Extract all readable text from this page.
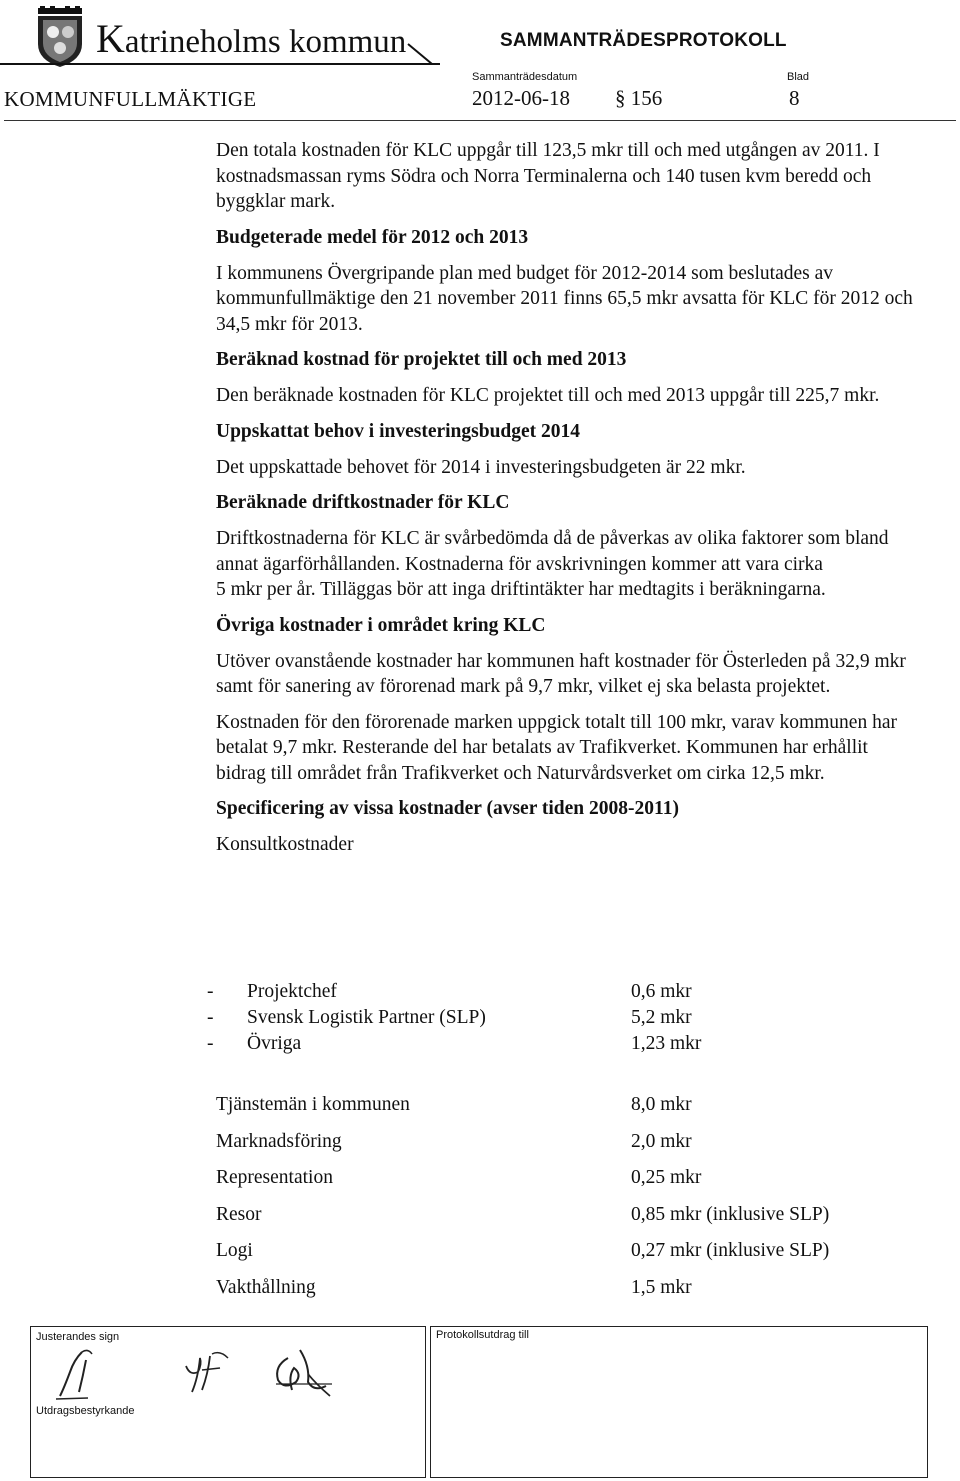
Katrineholms kommun	SAMMANTRÄDESPROTOKOLL
KOMMUNFULLMÄKTIGE
Sammanträdesdatum
2012-06-18 § 156
Blad
8

Den totala kostnaden för KLC uppgår till 123,5 mkr till och med utgången av 2011. I kostnadsmassan ryms Södra och Norra Terminalerna och 140 tusen kvm beredd och byggklar mark.

Budgeterade medel för 2012 och 2013

I kommunens Övergripande plan med budget för 2012-2014 som beslutades av kommunfullmäktige den 21 november 2011 finns 65,5 mkr avsatta för KLC för 2012 och 34,5 mkr för 2013.

Beräknad kostnad för projektet till och med 2013

Den beräknade kostnaden för KLC projektet till och med 2013 uppgår till 225,7 mkr.

Uppskattat behov i investeringsbudget 2014

Det uppskattade behovet för 2014 i investeringsbudgeten är 22 mkr.

Beräknade driftkostnader för KLC

Driftkostnaderna för KLC är svårbedömda då de påverkas av olika faktorer som bland annat ägarförhållanden. Kostnaderna för avskrivningen kommer att vara cirka

5 mkr per år. Tilläggas bör att inga driftintäkter har medtagits i beräkningarna.

Övriga kostnader i området kring KLC

Utöver ovanstående kostnader har kommunen haft kostnader för Österleden på 32,9 mkr samt för sanering av förorenad mark på 9,7 mkr, vilket ej ska belasta projektet.

Kostnaden för den förorenade marken uppgick totalt till 100 mkr, varav kommunen har betalat 9,7 mkr. Resterande del har betalats av Trafikverket. Kommunen har erhållit bidrag till området från Trafikverket och Naturvårdsverket om cirka 12,5 mkr.

Specificering av vissa kostnader (avser tiden 2008-2011)

Konsultkostnader

- Projektchef	0,6 mkr
- Svensk Logistik Partner (SLP)	5,2 mkr
- Övriga	1,23 mkr
Tjänstemän i kommunen	8,0 mkr
Marknadsföring	2,0 mkr
Representation	0,25 mkr
Resor	0,85 mkr (inklusive SLP)
Logi	0,27 mkr (inklusive SLP)
Vakthållning	1,5 mkr
Justerandes sign	Protokollsutdrag till
Utdragsbestyrkande
